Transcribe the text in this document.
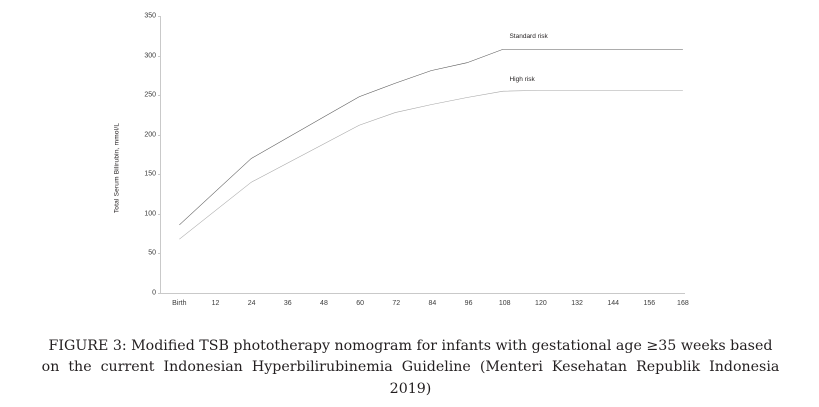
Total Serum Bilirubin, mmol/L
0
50
100
150
200
250
300
350
Birth	12	24	36	48	60	72	84	96	108	120	132	144	156	168
Standard risk
High risk
FIGURE 3: Modified TSB phototherapy nomogram for infants with gestational age ≥35 weeks based
on  the  current  Indonesian  Hyperbilirubinemia  Guideline  (Menteri  Kesehatan  Republik  Indonesia
2019)
